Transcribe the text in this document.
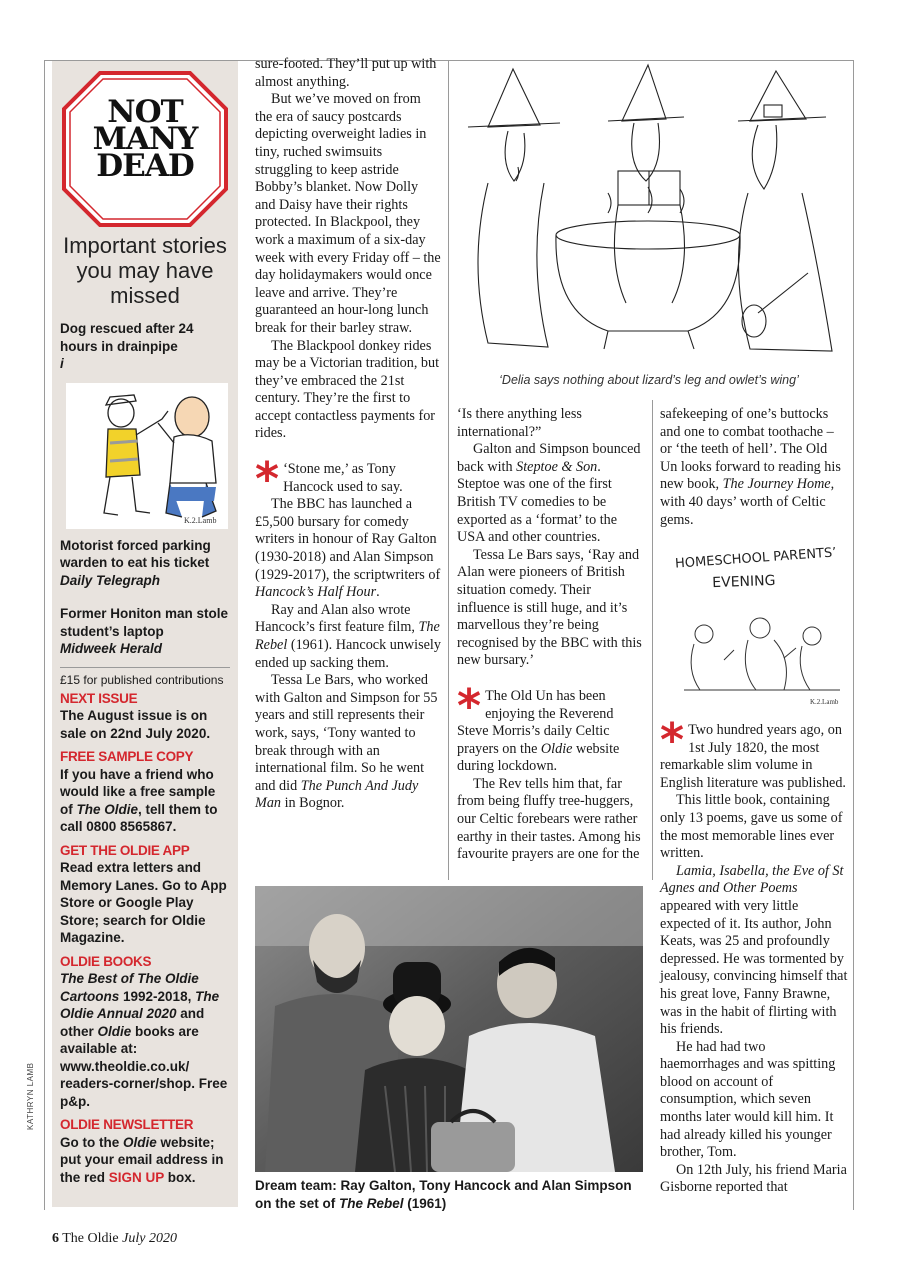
NOT
MANY
DEAD
Important stories you may have missed
Dog rescued after 24 hours in drainpipe
i
K.2.Lamb
Motorist forced parking warden to eat his ticket
Daily Telegraph
Former Honiton man stole student’s laptop
Midweek Herald
£15 for published contributions
NEXT ISSUE
The August issue is on sale on 22nd July 2020.
FREE SAMPLE COPY
If you have a friend who would like a free sample of The Oldie, tell them to call 0800 8565867.
GET THE OLDIE APP
Read extra letters and Memory Lanes. Go to App Store or Google Play Store; search for Oldie Magazine.
OLDIE BOOKS
The Best of The Oldie Cartoons 1992-2018, The Oldie Annual 2020 and other Oldie books are available at: www.theoldie.co.uk/ readers-corner/shop. Free p&p.
OLDIE NEWSLETTER
Go to the Oldie website; put your email address in the red SIGN UP box.

sure-footed. They’ll put up with almost anything.

But we’ve moved on from the era of saucy postcards depicting overweight ladies in tiny, ruched swimsuits struggling to keep astride Bobby’s blanket. Now Dolly and Daisy have their rights protected. In Blackpool, they work a maximum of a six-day week with every Friday off – the day holidaymakers would once leave and arrive. They’re guaranteed an hour-long lunch break for their barley straw.

The Blackpool donkey rides may be a Victorian tradition, but they’ve embraced the 21st century. They’re the first to accept contactless payments for rides.

* ‘Stone me,’ as Tony Hancock used to say.

The BBC has launched a £5,500 bursary for comedy writers in honour of Ray Galton (1930-2018) and Alan Simpson (1929-2017), the scriptwriters of Hancock’s Half Hour.

Ray and Alan also wrote Hancock’s first feature film, The Rebel (1961). Hancock unwisely ended up sacking them.

Tessa Le Bars, who worked with Galton and Simpson for 55 years and still represents their work, says, ‘Tony wanted to break through with an international film. So he went and did The Punch And Judy Man in Bognor.

‘Delia says nothing about lizard’s leg and owlet’s wing’

‘Is there anything less international?”

Galton and Simpson bounced back with Steptoe & Son. Steptoe was one of the first British TV comedies to be exported as a ‘format’ to the USA and other countries.

Tessa Le Bars says, ‘Ray and Alan were pioneers of British situation comedy. Their influence is still huge, and it’s marvellous they’re being recognised by the BBC with this new bursary.’

* The Old Un has been enjoying the Reverend Steve Morris’s daily Celtic prayers on the Oldie website during lockdown.

The Rev tells him that, far from being fluffy tree-huggers, our Celtic forebears were rather earthy in their tastes. Among his favourite prayers are one for the

safekeeping of one’s buttocks and one to combat toothache – or ‘the teeth of hell’. The Old Un looks forward to reading his new book, The Journey Home, with 40 days’ worth of Celtic gems.

HOMESCHOOL PARENTS’
EVENING
K.2.Lamb

* Two hundred years ago, on 1st July 1820, the most remarkable slim volume in English literature was published.

This little book, containing only 13 poems, gave us some of the most memorable lines ever written.

Lamia, Isabella, the Eve of St Agnes and Other Poems appeared with very little expected of it. Its author, John Keats, was 25 and profoundly depressed. He was tormented by jealousy, convincing himself that his great love, Fanny Brawne, was in the habit of flirting with his friends.

He had had two haemorrhages and was spitting blood on account of consumption, which seven months later would kill him. It had already killed his younger brother, Tom.

On 12th July, his friend Maria Gisborne reported that

Dream team: Ray Galton, Tony Hancock and Alan Simpson on the set of The Rebel (1961)
KATHRYN LAMB
6 The Oldie July 2020
